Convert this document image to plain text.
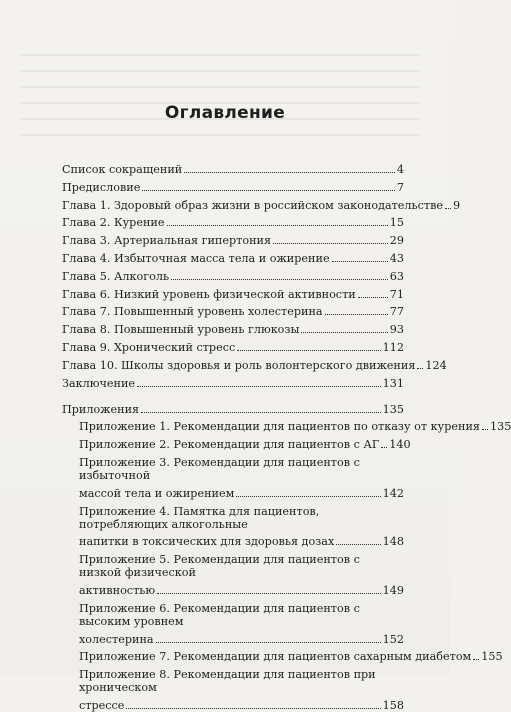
Оглавление
Список сокращений	4
Предисловие	7
Глава 1. Здоровый образ жизни в российском законодательстве 9
Глава 2. Курение	15
Глава 3. Артериальная гипертония	29
Глава 4. Избыточная масса тела и ожирение	43
Глава 5. Алкоголь	63
Глава 6. Низкий уровень физической активности	71
Глава 7. Повышенный уровень холестерина	77
Глава 8. Повышенный уровень глюкозы	93
Глава 9. Хронический стресс	112
Глава 10. Школы здоровья и роль волонтерского движения 124
Заключение	131
Приложения	135
Приложение 1. Рекомендации для пациентов по отказу от курения 135
Приложение 2. Рекомендации для пациентов с АГ 140
Приложение 3. Рекомендации для пациентов с избыточной
массой тела и ожирением	142
Приложение 4. Памятка для пациентов, потребляющих алкогольные
напитки в токсических для здоровья дозах	148
Приложение 5. Рекомендации для пациентов с низкой физической
активностью	149
Приложение 6. Рекомендации для пациентов с высоким уровнем
холестерина	152
Приложение 7. Рекомендации для пациентов сахарным диабетом 155
Приложение 8. Рекомендации для пациентов при хроническом
стрессе	158
